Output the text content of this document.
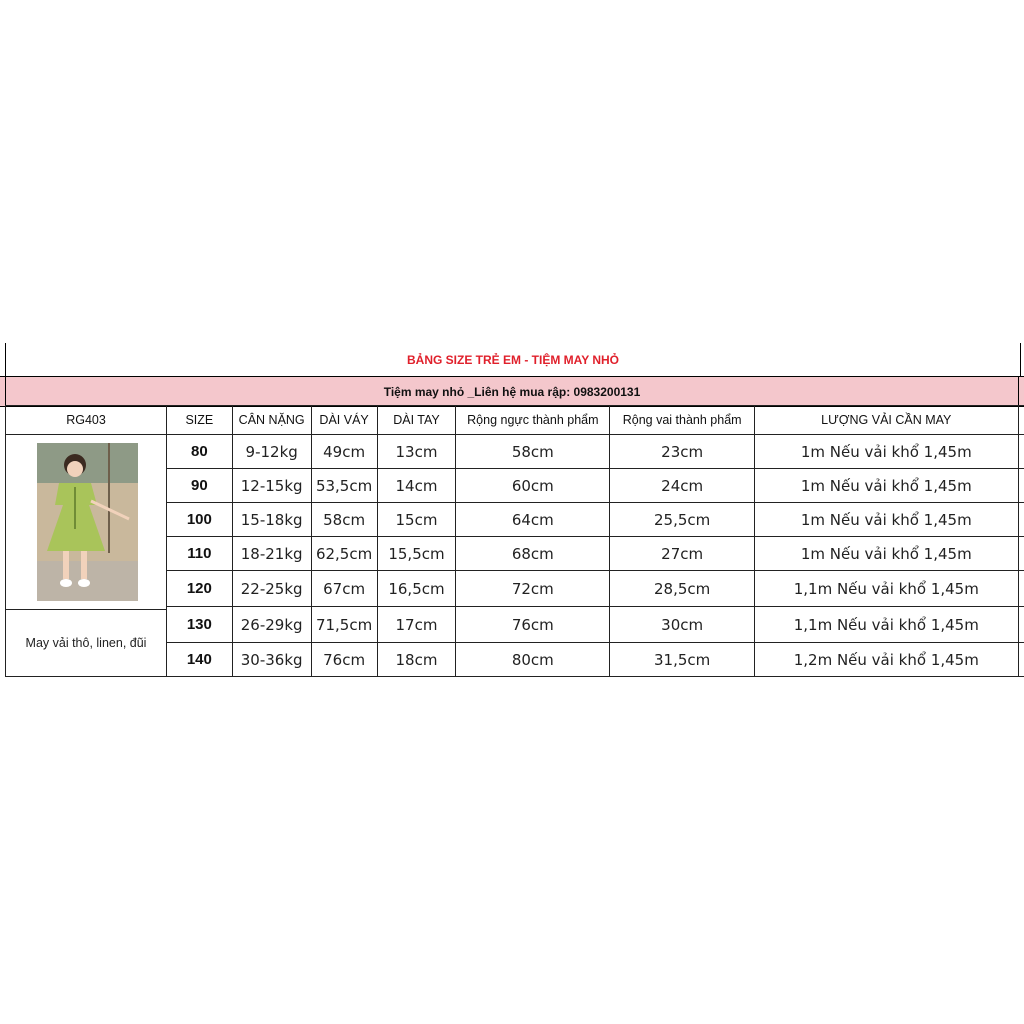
BẢNG SIZE TRẺ EM - TIỆM MAY NHỎ
Tiệm may nhỏ _Liên hệ mua rập: 0983200131
RG403	SIZE	CÂN NẶNG	DÀI VÁY	DÀI TAY	Rộng ngực thành phẩm	Rộng vai thành phẩm	LƯỢNG VẢI CẦN MAY	

May vải thô, linen, đũi	80	9-12kg	49cm	13cm	58cm	23cm	1m Nếu vải khổ 1,45m	
	90	12-15kg	53,5cm	14cm	60cm	24cm	1m Nếu vải khổ 1,45m	
	100	15-18kg	58cm	15cm	64cm	25,5cm	1m Nếu vải khổ 1,45m	
	110	18-21kg	62,5cm	15,5cm	68cm	27cm	1m Nếu vải khổ 1,45m	
	120	22-25kg	67cm	16,5cm	72cm	28,5cm	1,1m Nếu vải khổ 1,45m	
	130	26-29kg	71,5cm	17cm	76cm	30cm	1,1m Nếu vải khổ 1,45m	
	140	30-36kg	76cm	18cm	80cm	31,5cm	1,2m Nếu vải khổ 1,45m	
